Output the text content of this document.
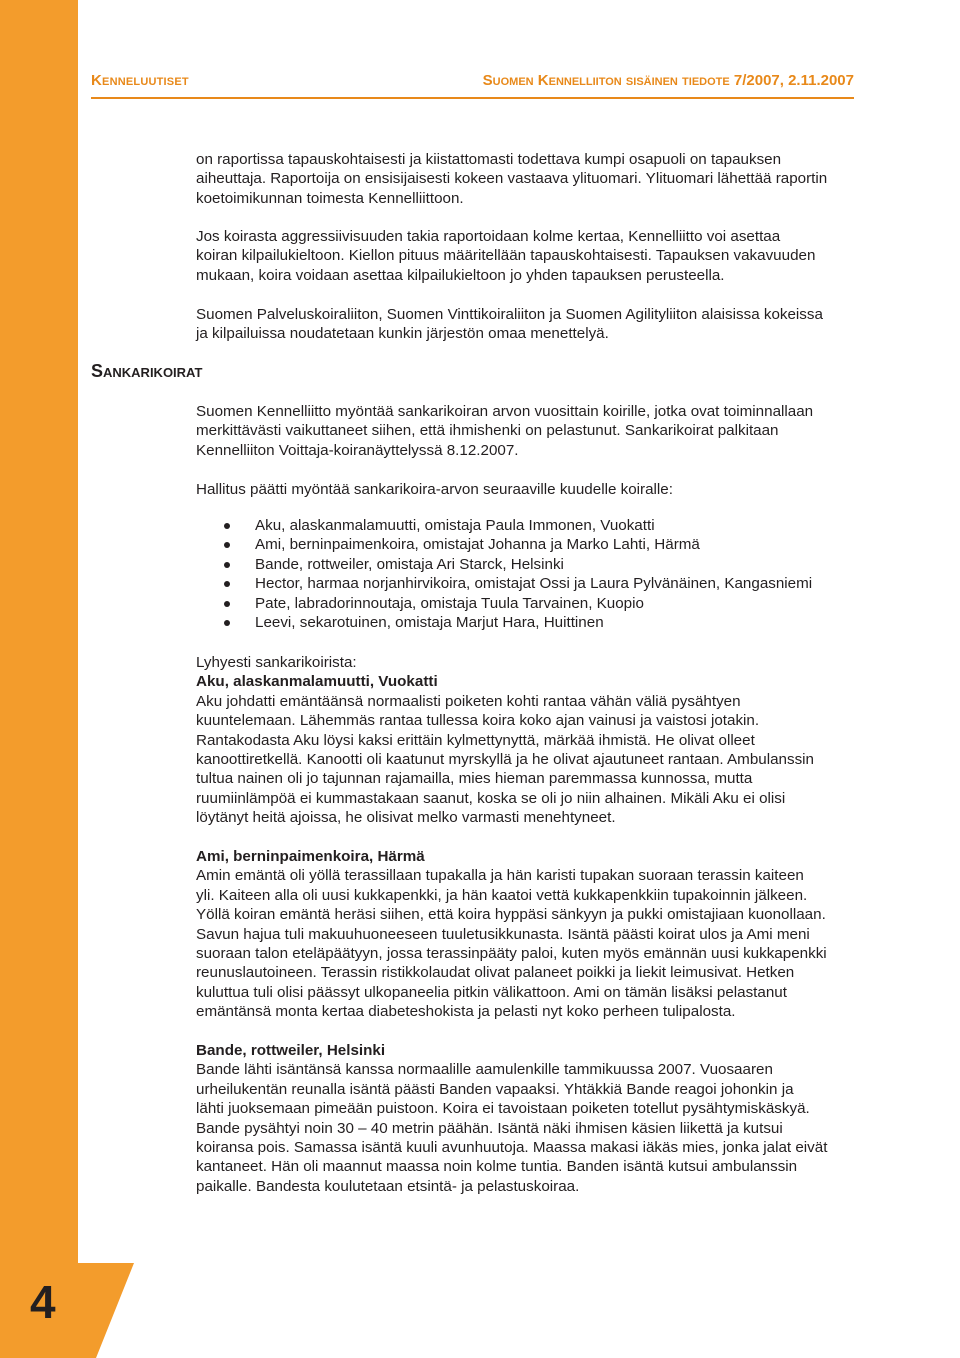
Kenneluutiset	Suomen Kennelliiton sisäinen tiedote 7/2007, 2.11.2007

on raportissa tapauskohtaisesti ja kiistattomasti todettava kumpi osapuoli on tapauksen
aiheuttaja. Raportoija on ensisijaisesti kokeen vastaava ylituomari. Ylituomari lähettää raportin
koetoimikunnan toimesta Kennelliittoon.

Jos koirasta aggressiivisuuden takia raportoidaan kolme kertaa, Kennelliitto voi asettaa
koiran kilpailukieltoon. Kiellon pituus määritellään tapauskohtaisesti. Tapauksen vakavuuden
mukaan, koira voidaan asettaa kilpailukieltoon jo yhden tapauksen perusteella.

Suomen Palveluskoiraliiton, Suomen Vinttikoiraliiton ja Suomen Agilityliiton alaisissa kokeissa
ja kilpailuissa noudatetaan kunkin järjestön omaa menettelyä.

Sankarikoirat

Suomen Kennelliitto myöntää sankarikoiran arvon vuosittain koirille, jotka ovat toiminnallaan
merkittävästi vaikuttaneet siihen, että ihmishenki on pelastunut. Sankarikoirat palkitaan
Kennelliiton Voittaja-koiranäyttelyssä 8.12.2007.

Hallitus päätti myöntää sankarikoira-arvon seuraaville kuudelle koiralle:

Aku, alaskanmalamuutti, omistaja Paula Immonen, Vuokatti
Ami, berninpaimenkoira, omistajat Johanna ja Marko Lahti, Härmä
Bande, rottweiler, omistaja Ari Starck, Helsinki
Hector, harmaa norjanhirvikoira, omistajat Ossi ja Laura Pylvänäinen, Kangasniemi
Pate, labradorinnoutaja, omistaja Tuula Tarvainen, Kuopio
Leevi, sekarotuinen, omistaja Marjut Hara, Huittinen

Lyhyesti sankarikoirista:
Aku, alaskanmalamuutti, Vuokatti
Aku johdatti emäntäänsä normaalisti poiketen kohti rantaa vähän väliä pysähtyen
kuuntelemaan. Lähemmäs rantaa tullessa koira koko ajan vainusi ja vaistosi jotakin.
Rantakodasta Aku löysi kaksi erittäin kylmettynyttä, märkää ihmistä. He olivat olleet
kanoottiretkellä. Kanootti oli kaatunut myrskyllä ja he olivat ajautuneet rantaan. Ambulanssin
tultua nainen oli jo tajunnan rajamailla, mies hieman paremmassa kunnossa, mutta
ruumiinlämpöä ei kummastakaan saanut, koska se oli jo niin alhainen. Mikäli Aku ei olisi
löytänyt heitä ajoissa, he olisivat melko varmasti menehtyneet.

Ami, berninpaimenkoira, Härmä
Amin emäntä oli yöllä terassillaan tupakalla ja hän karisti tupakan suoraan terassin kaiteen
yli. Kaiteen alla oli uusi kukkapenkki, ja hän kaatoi vettä kukkapenkkiin tupakoinnin jälkeen.
Yöllä koiran emäntä heräsi siihen, että koira hyppäsi sänkyyn ja pukki omistajiaan kuonollaan.
Savun hajua tuli makuuhuoneeseen tuuletusikkunasta. Isäntä päästi koirat ulos ja Ami meni
suoraan talon eteläpäätyyn, jossa terassinpääty paloi, kuten myös emännän uusi kukkapenkki
reunuslautoineen. Terassin ristikkolaudat olivat palaneet poikki ja liekit leimusivat. Hetken
kuluttua tuli olisi päässyt ulkopaneelia pitkin välikattoon. Ami on tämän lisäksi pelastanut
emäntänsä monta kertaa diabeteshokista ja pelasti nyt koko perheen tulipalosta.

Bande, rottweiler, Helsinki
Bande lähti isäntänsä kanssa normaalille aamulenkille tammikuussa 2007. Vuosaaren
urheilukentän reunalla isäntä päästi Banden vapaaksi. Yhtäkkiä Bande reagoi johonkin ja
lähti juoksemaan pimeään puistoon. Koira ei tavoistaan poiketen totellut pysähtymiskäskyä.
Bande pysähtyi noin 30 – 40 metrin päähän. Isäntä näki ihmisen käsien liikettä ja kutsui
koiransa pois. Samassa isäntä kuuli avunhuutoja. Maassa makasi iäkäs mies, jonka jalat eivät
kantaneet. Hän oli maannut maassa noin kolme tuntia. Banden isäntä kutsui ambulanssin
paikalle. Bandesta koulutetaan etsintä- ja pelastuskoiraa.

4
